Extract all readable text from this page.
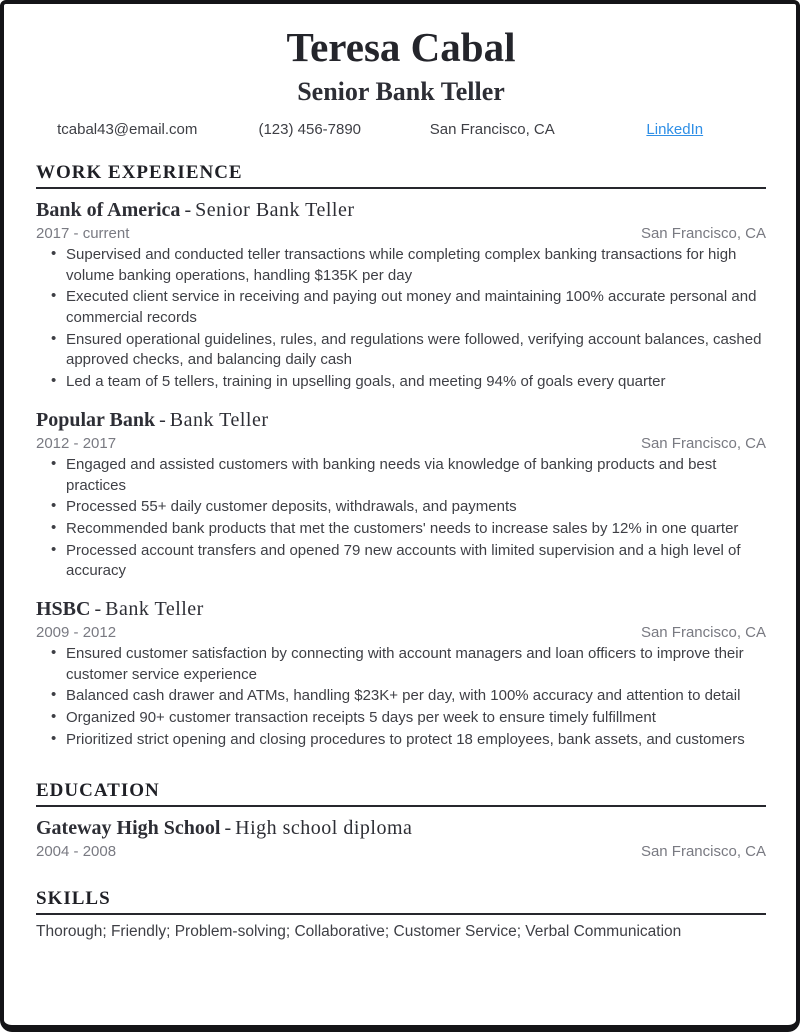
Teresa Cabal
Senior Bank Teller
tcabal43@email.com	(123) 456-7890	San Francisco, CA	LinkedIn
WORK EXPERIENCE
Bank of America - Senior Bank Teller
2017 - current	San Francisco, CA
• Supervised and conducted teller transactions while completing complex banking transactions for high volume banking operations, handling $135K per day
• Executed client service in receiving and paying out money and maintaining 100% accurate personal and commercial records
• Ensured operational guidelines, rules, and regulations were followed, verifying account balances, cashed approved checks, and balancing daily cash
• Led a team of 5 tellers, training in upselling goals, and meeting 94% of goals every quarter
Popular Bank - Bank Teller
2012 - 2017	San Francisco, CA
• Engaged and assisted customers with banking needs via knowledge of banking products and best practices
• Processed 55+ daily customer deposits, withdrawals, and payments
• Recommended bank products that met the customers' needs to increase sales by 12% in one quarter
• Processed account transfers and opened 79 new accounts with limited supervision and a high level of accuracy
HSBC - Bank Teller
2009 - 2012	San Francisco, CA
• Ensured customer satisfaction by connecting with account managers and loan officers to improve their customer service experience
• Balanced cash drawer and ATMs, handling $23K+ per day, with 100% accuracy and attention to detail
• Organized 90+ customer transaction receipts 5 days per week to ensure timely fulfillment
• Prioritized strict opening and closing procedures to protect 18 employees, bank assets, and customers
EDUCATION
Gateway High School - High school diploma
2004 - 2008	San Francisco, CA
SKILLS
Thorough; Friendly; Problem-solving; Collaborative; Customer Service; Verbal Communication
